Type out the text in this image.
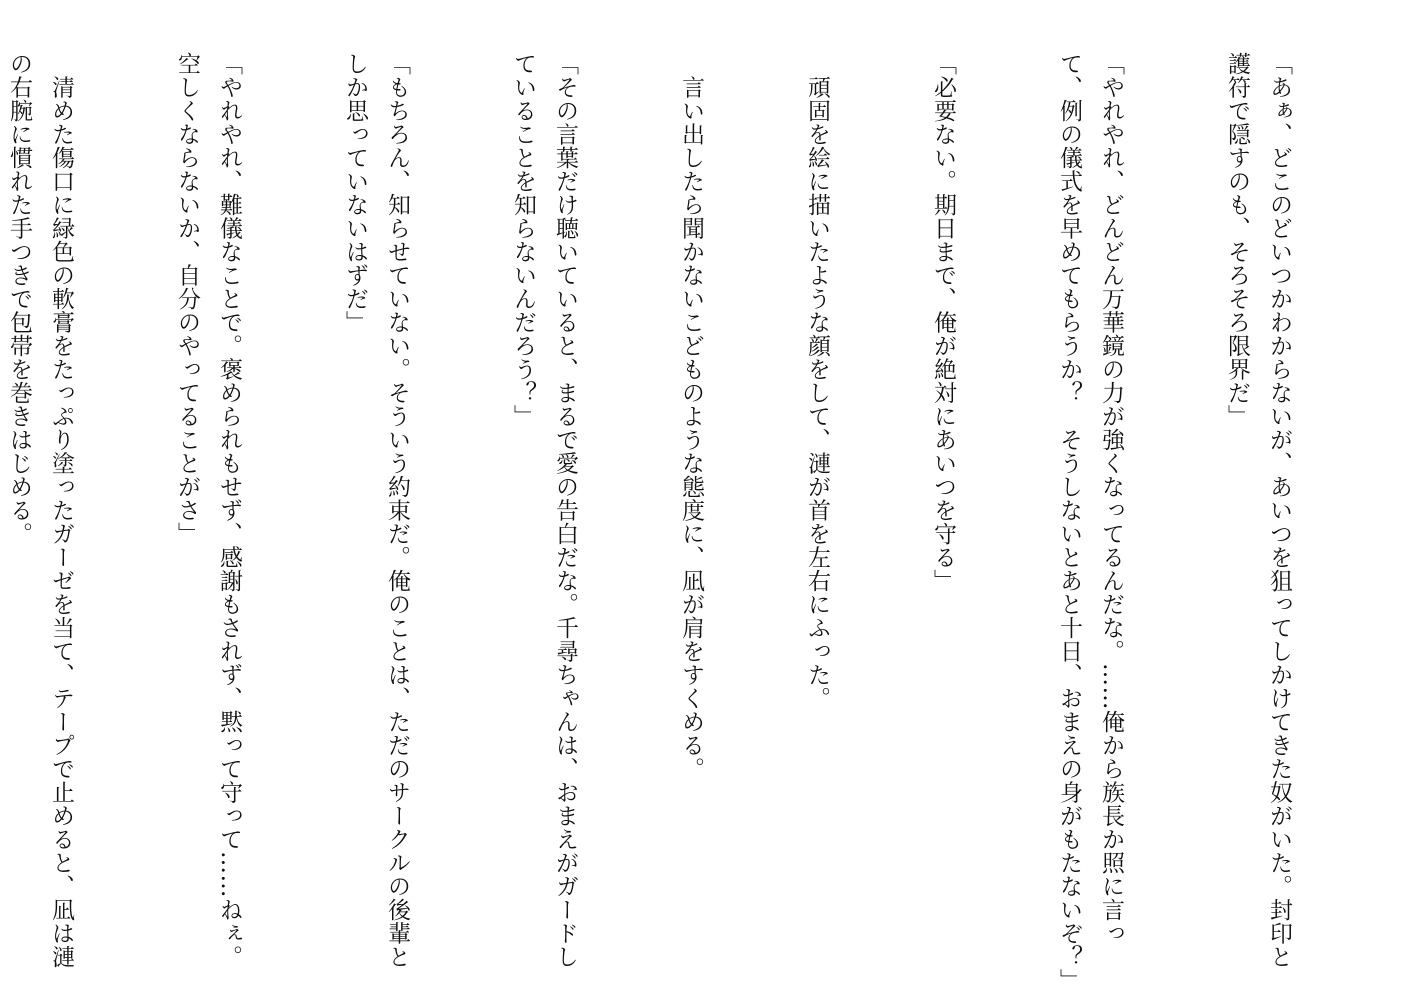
「あぁ、どこのどいつかわからないが、あいつを狙ってしかけてきた奴がいた。封印と護符で隠すのも、そろそろ限界だ」

「やれやれ、どんどん万華鏡の力が強くなってるんだな。……俺から族長か照に言って、例の儀式を早めてもらうか？　そうしないとあと十日、おまえの身がもたないぞ？」

「必要ない。期日まで、俺が絶対にあいつを守る」

　頑固を絵に描いたような顔をして、漣が首を左右にふった。

　言い出したら聞かないこどものような態度に、凪が肩をすくめる。

「その言葉だけ聴いていると、まるで愛の告白だな。千尋ちゃんは、おまえがガードしていることを知らないんだろう？」

「もちろん、知らせていない。そういう約束だ。俺のことは、ただのサークルの後輩としか思っていないはずだ」

「やれやれ、難儀なことで。褒められもせず、感謝もされず、黙って守って……ねぇ。空しくならないか、自分のやってることがさ」

　清めた傷口に緑色の軟膏をたっぷり塗ったガーゼを当て、テープで止めると、凪は漣の右腕に慣れた手つきで包帯を巻きはじめる。
